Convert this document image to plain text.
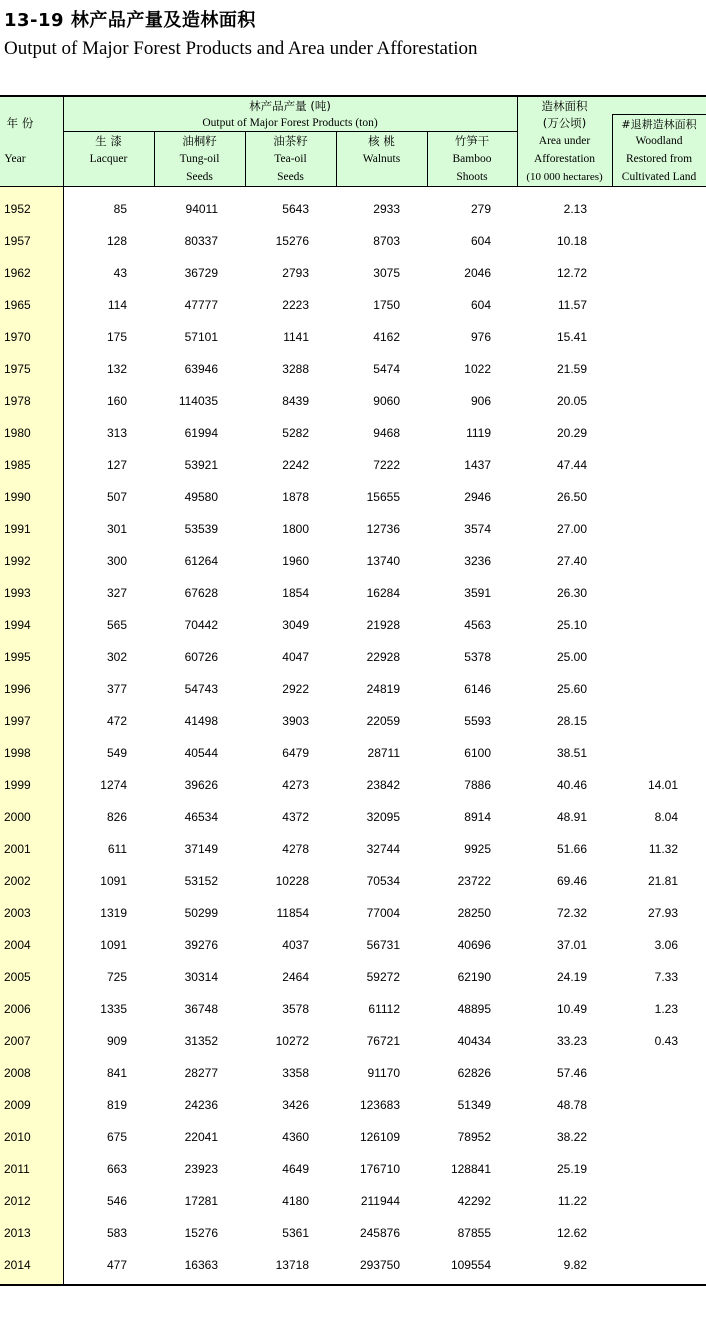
13-19 林产品产量及造林面积
Output of Major Forest Products and Area under Afforestation
年 份
Year
林产品产量 (吨)
Output of Major Forest Products (ton)
生 漆
Lacquer
油桐籽
Tung-oil
Seeds
油茶籽
Tea-oil
Seeds
核 桃
Walnuts
竹笋干
Bamboo
Shoots
造林面积
(万公顷)
Area under
Afforestation
(10 000 hectares)
#退耕造林面积
Woodland
Restored from
Cultivated Land
1952	85	94011	5643	2933	279	2.13
1957	128	80337	15276	8703	604	10.18
1962	43	36729	2793	3075	2046	12.72
1965	114	47777	2223	1750	604	11.57
1970	175	57101	1141	4162	976	15.41
1975	132	63946	3288	5474	1022	21.59
1978	160	114035	8439	9060	906	20.05
1980	313	61994	5282	9468	1119	20.29
1985	127	53921	2242	7222	1437	47.44
1990	507	49580	1878	15655	2946	26.50
1991	301	53539	1800	12736	3574	27.00
1992	300	61264	1960	13740	3236	27.40
1993	327	67628	1854	16284	3591	26.30
1994	565	70442	3049	21928	4563	25.10
1995	302	60726	4047	22928	5378	25.00
1996	377	54743	2922	24819	6146	25.60
1997	472	41498	3903	22059	5593	28.15
1998	549	40544	6479	28711	6100	38.51
1999	1274	39626	4273	23842	7886	40.46	14.01
2000	826	46534	4372	32095	8914	48.91	8.04
2001	611	37149	4278	32744	9925	51.66	11.32
2002	1091	53152	10228	70534	23722	69.46	21.81
2003	1319	50299	11854	77004	28250	72.32	27.93
2004	1091	39276	4037	56731	40696	37.01	3.06
2005	725	30314	2464	59272	62190	24.19	7.33
2006	1335	36748	3578	61112	48895	10.49	1.23
2007	909	31352	10272	76721	40434	33.23	0.43
2008	841	28277	3358	91170	62826	57.46
2009	819	24236	3426	123683	51349	48.78
2010	675	22041	4360	126109	78952	38.22
2011	663	23923	4649	176710	128841	25.19
2012	546	17281	4180	211944	42292	11.22
2013	583	15276	5361	245876	87855	12.62
2014	477	16363	13718	293750	109554	9.82
